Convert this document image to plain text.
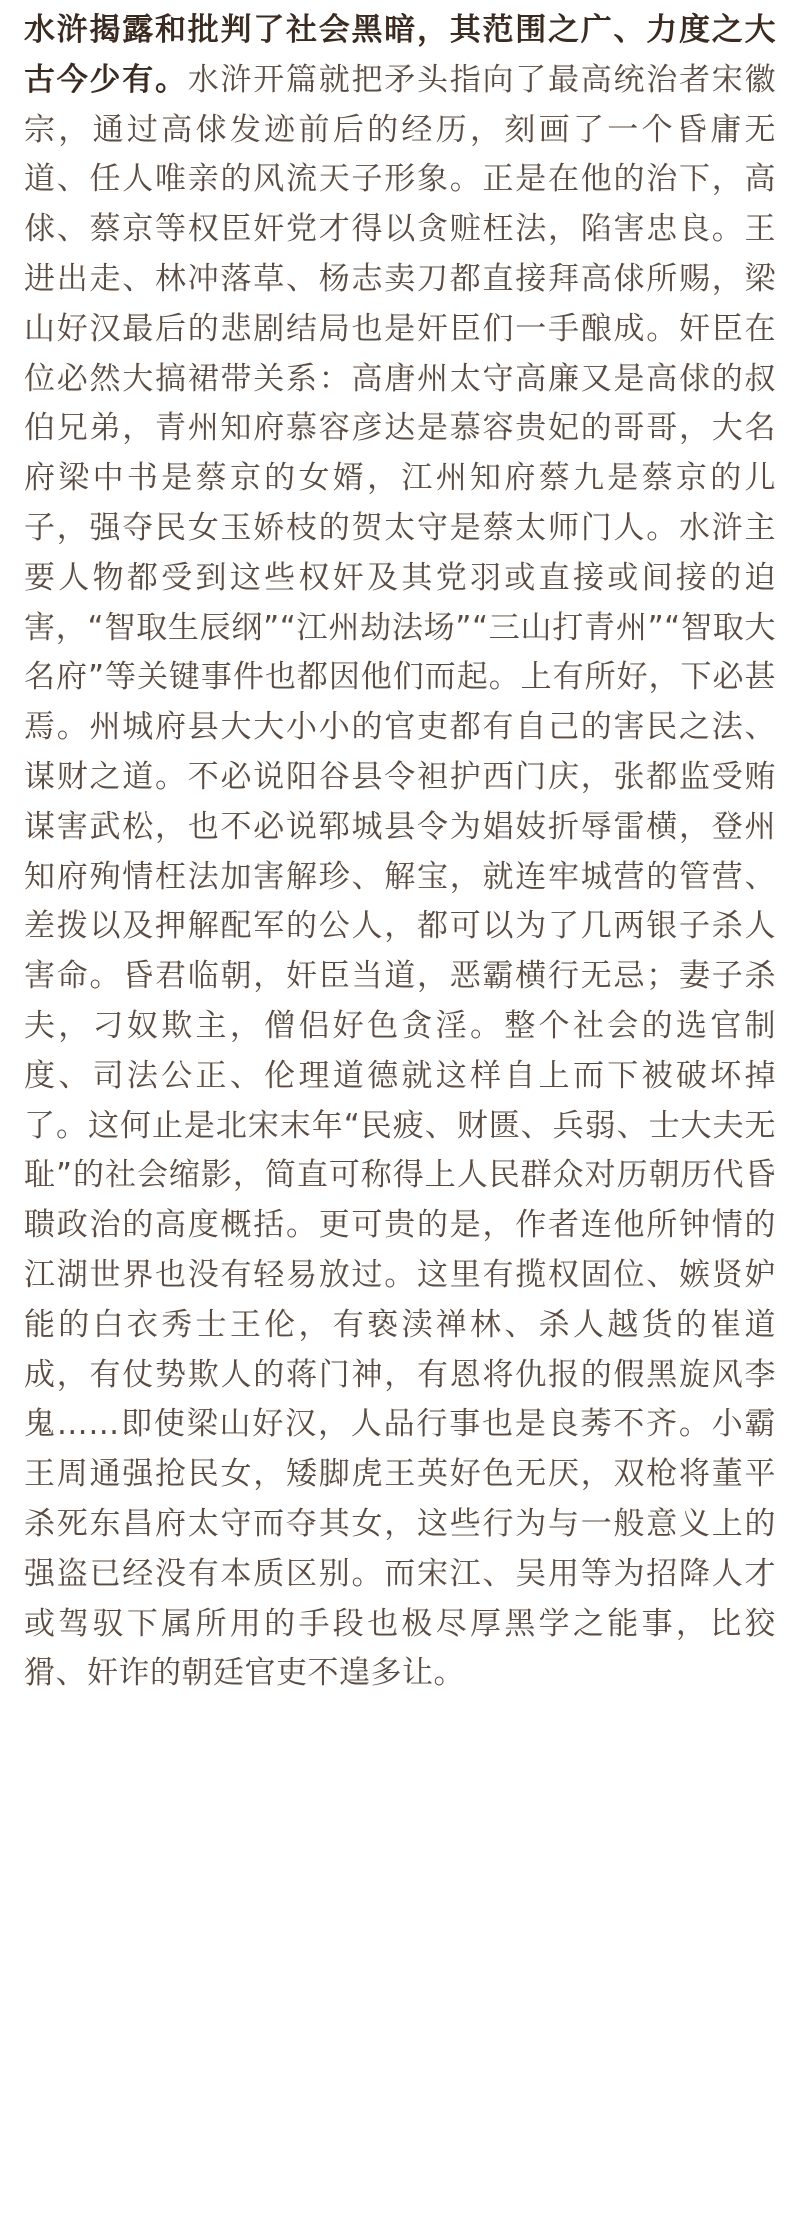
水浒揭露和批判了社会黑暗，其范围之广、力度之大古今少有。水浒开篇就把矛头指向了最高统治者宋徽宗，通过高俅发迹前后的经历，刻画了一个昏庸无道、任人唯亲的风流天子形象。正是在他的治下，高俅、蔡京等权臣奸党才得以贪赃枉法，陷害忠良。王进出走、林冲落草、杨志卖刀都直接拜高俅所赐，梁山好汉最后的悲剧结局也是奸臣们一手酿成。奸臣在位必然大搞裙带关系：高唐州太守高廉又是高俅的叔伯兄弟，青州知府慕容彦达是慕容贵妃的哥哥，大名府梁中书是蔡京的女婿，江州知府蔡九是蔡京的儿子，强夺民女玉娇枝的贺太守是蔡太师门人。水浒主要人物都受到这些权奸及其党羽或直接或间接的迫害，“智取生辰纲”“江州劫法场”“三山打青州”“智取大名府”等关键事件也都因他们而起。上有所好，下必甚焉。州城府县大大小小的官吏都有自己的害民之法、谋财之道。不必说阳谷县令袒护西门庆，张都监受贿谋害武松，也不必说郓城县令为娼妓折辱雷横，登州知府殉情枉法加害解珍、解宝，就连牢城营的管营、差拨以及押解配军的公人，都可以为了几两银子杀人害命。昏君临朝，奸臣当道，恶霸横行无忌；妻子杀夫，刁奴欺主，僧侣好色贪淫。整个社会的选官制度、司法公正、伦理道德就这样自上而下被破坏掉了。这何止是北宋末年“民疲、财匮、兵弱、士大夫无耻”的社会缩影，简直可称得上人民群众对历朝历代昏聩政治的高度概括。更可贵的是，作者连他所钟情的江湖世界也没有轻易放过。这里有揽权固位、嫉贤妒能的白衣秀士王伦，有亵渎禅林、杀人越货的崔道成，有仗势欺人的蒋门神，有恩将仇报的假黑旋风李鬼……即使梁山好汉，人品行事也是良莠不齐。小霸王周通强抢民女，矮脚虎王英好色无厌，双枪将董平杀死东昌府太守而夺其女，这些行为与一般意义上的强盗已经没有本质区别。而宋江、吴用等为招降人才或驾驭下属所用的手段也极尽厚黑学之能事，比狡猾、奸诈的朝廷官吏不遑多让。
